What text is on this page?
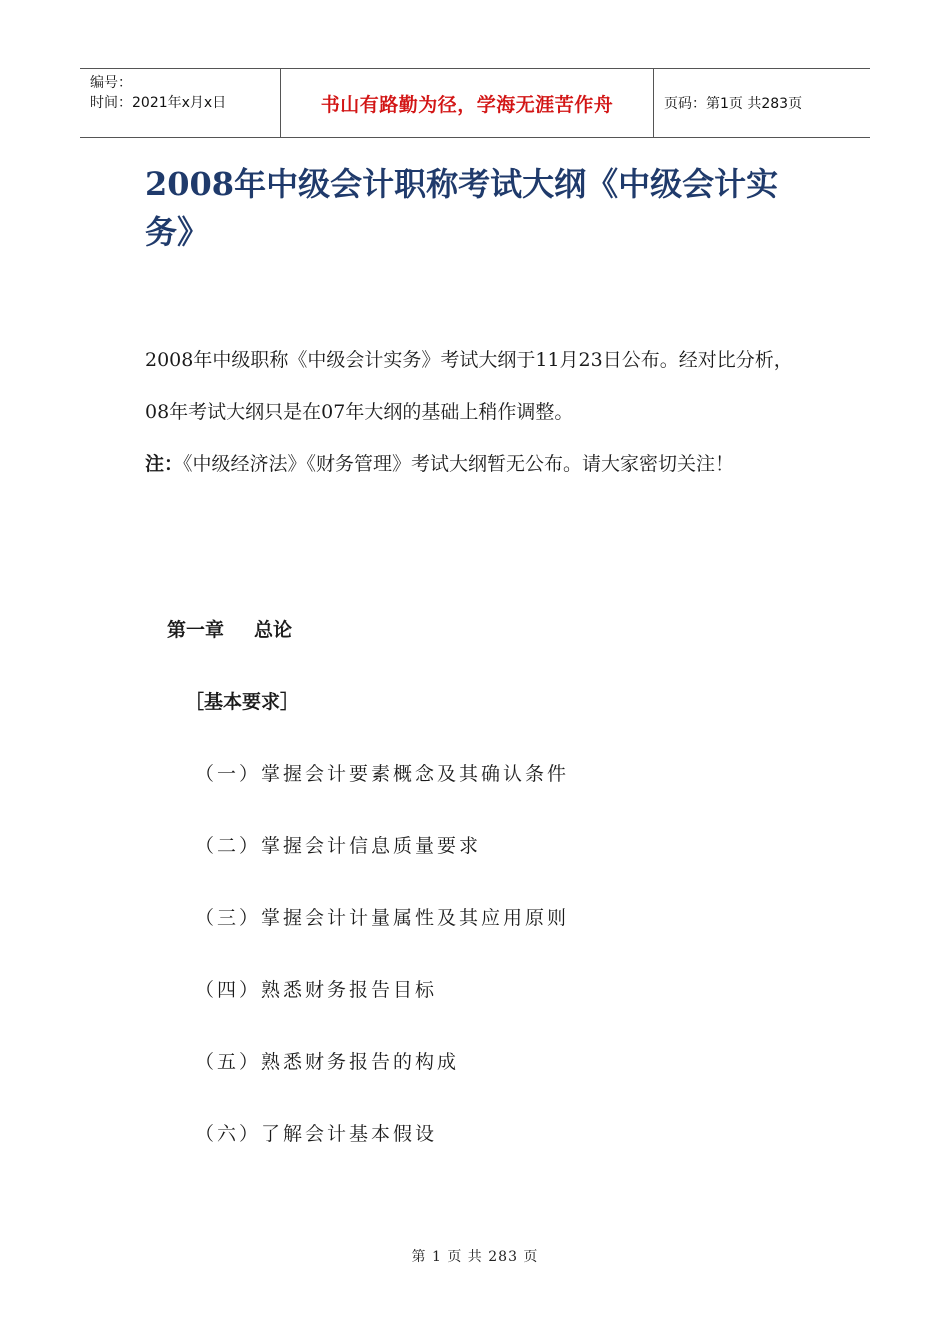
编号：
时间：2021年x月x日	书山有路勤为径，学海无涯苦作舟	页码：第1页 共283页
2008年中级会计职称考试大纲《中级会计实务》

2008年中级职称《中级会计实务》考试大纲于11月23日公布。经对比分析，08年考试大纲只是在07年大纲的基础上稍作调整。

注：《中级经济法》《财务管理》考试大纲暂无公布。请大家密切关注！

第一章 总论
［基本要求］
（一）掌握会计要素概念及其确认条件
（二）掌握会计信息质量要求
（三）掌握会计计量属性及其应用原则
（四）熟悉财务报告目标
（五）熟悉财务报告的构成
（六）了解会计基本假设
第 1 页 共 283 页
